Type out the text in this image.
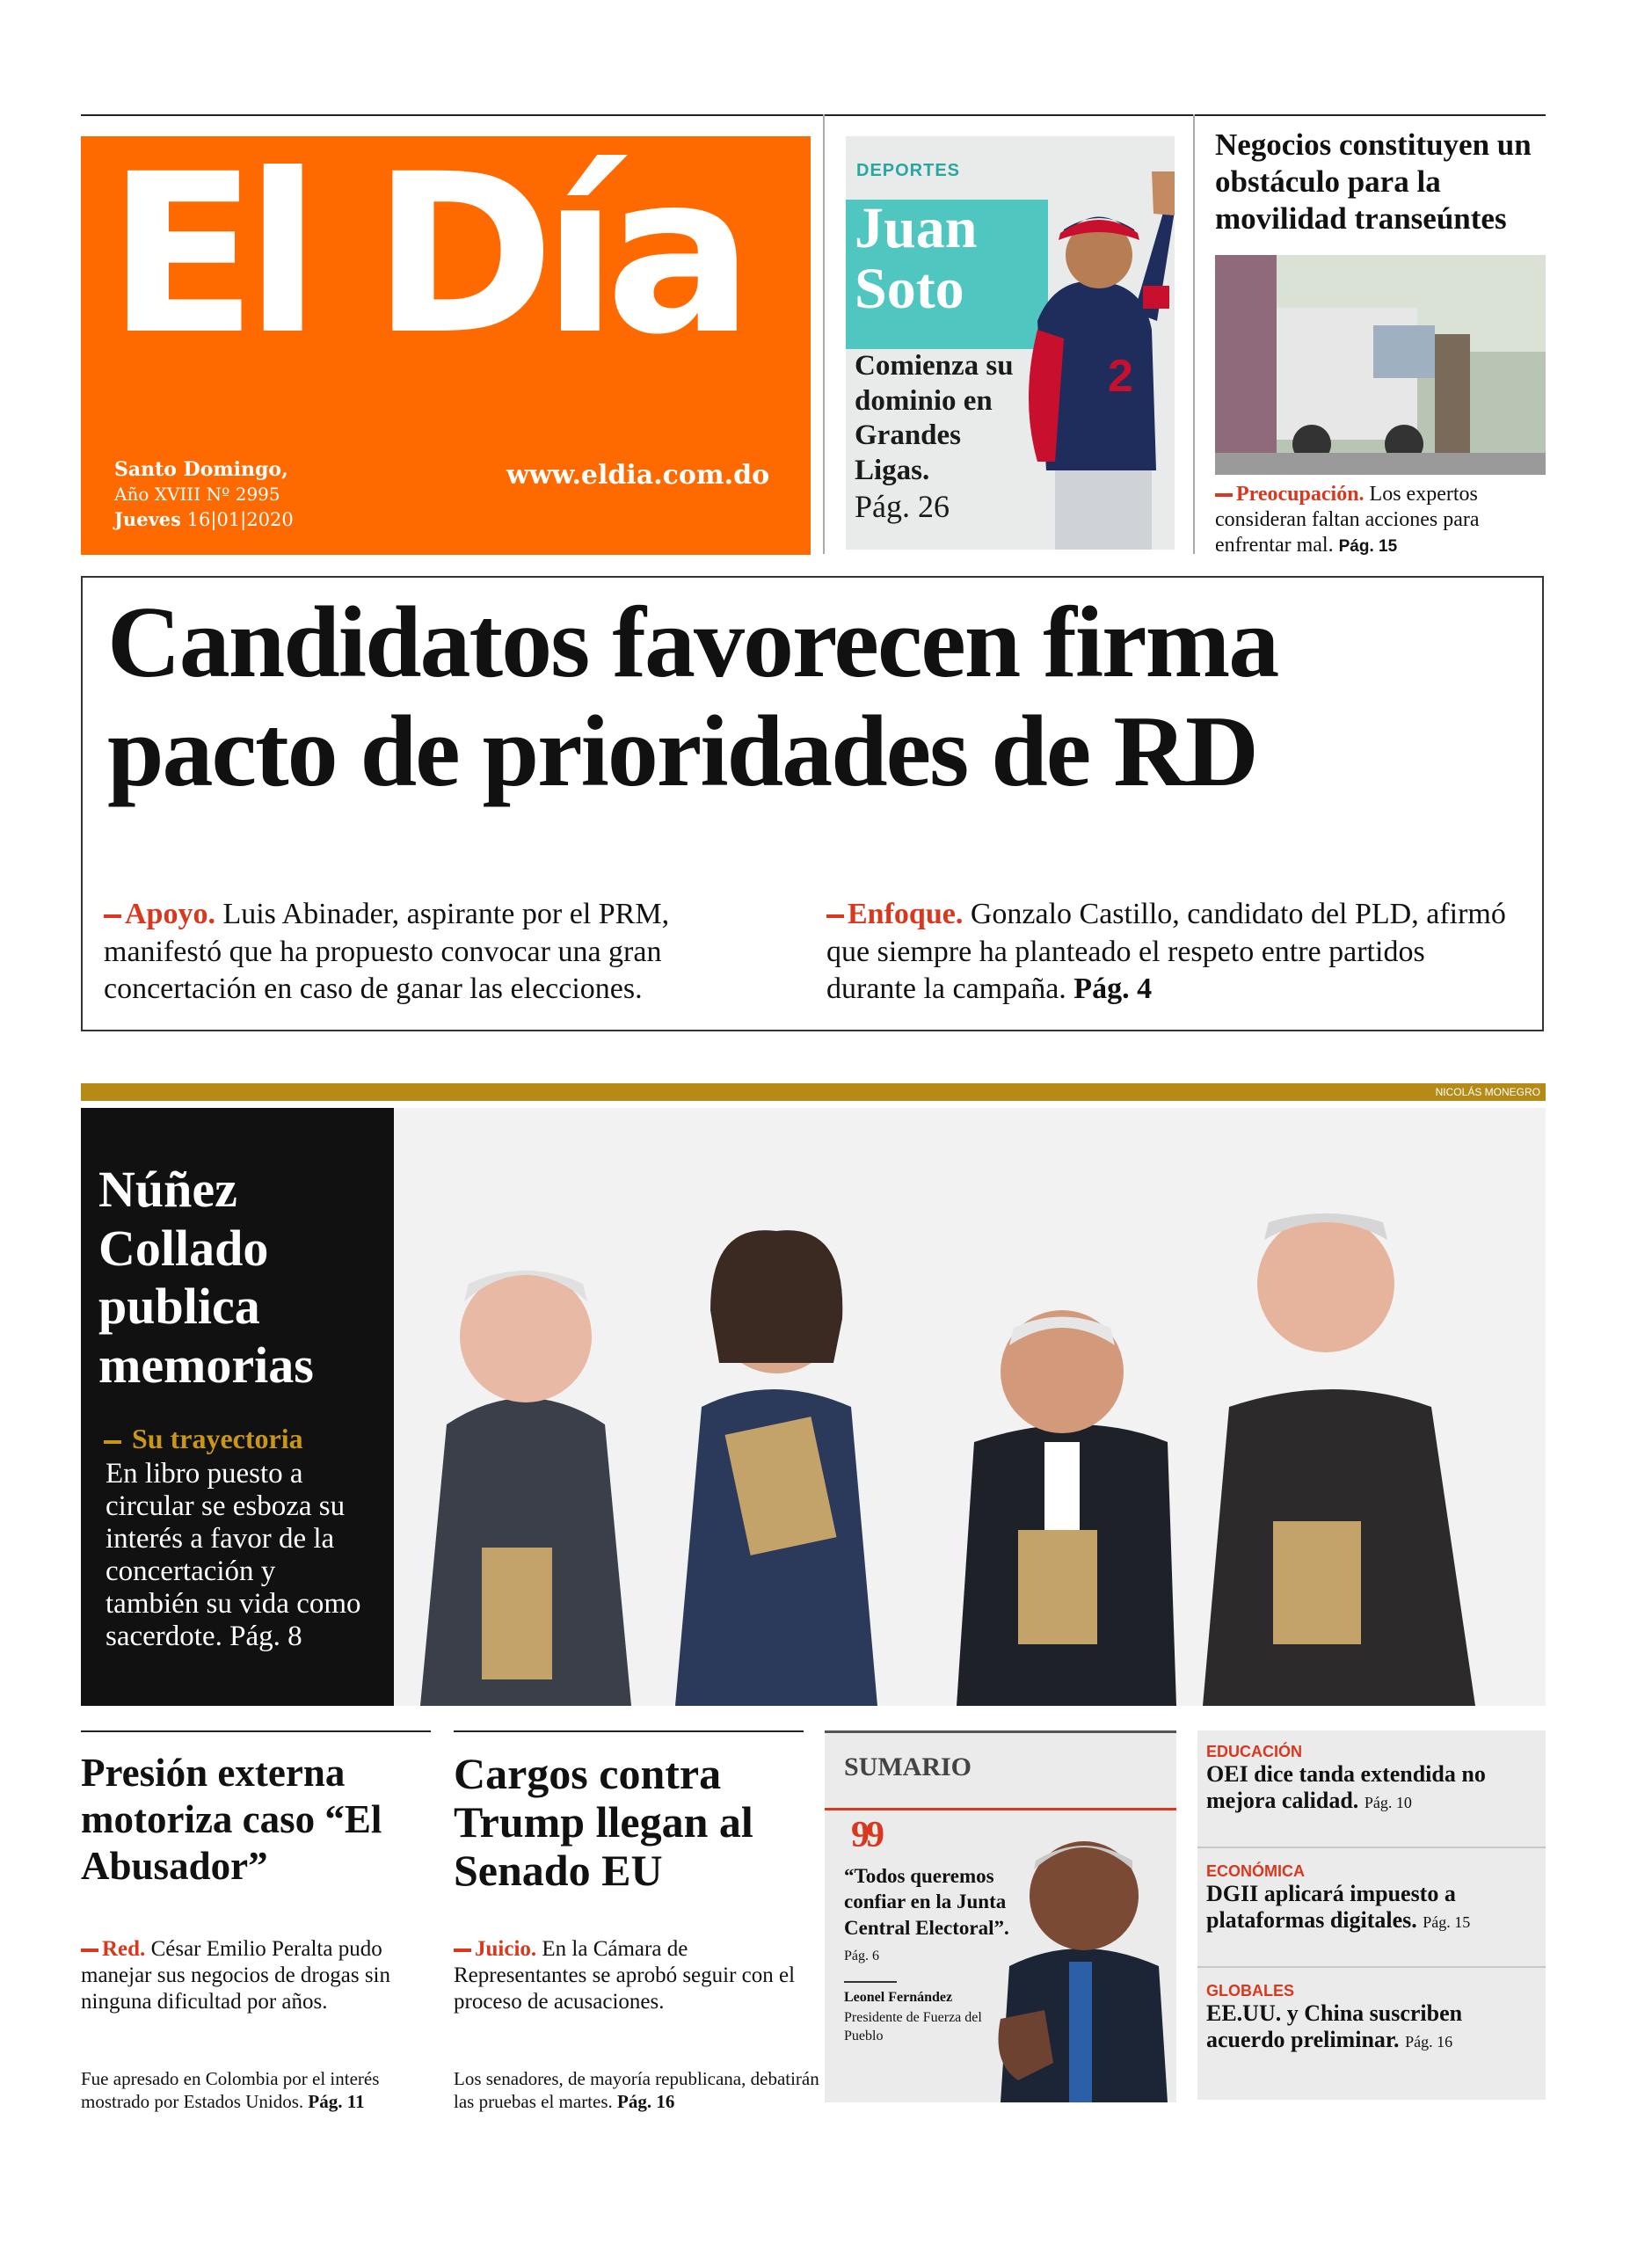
El Día
Santo Domingo,
Año XVIII Nº 2995
Jueves 16|01|2020
www.eldia.com.do
DEPORTES
Juan
Soto
2
Comienza su dominio en Grandes Ligas.
Pág. 26
Negocios constituyen un obstáculo para la movilidad transeúntes
Preocupación. Los expertos consideran faltan acciones para enfrentar mal. Pág. 15
Candidatos favorecen firma
pacto de prioridades de RD
Apoyo. Luis Abinader, aspirante por el PRM, manifestó que ha propuesto convocar una gran concertación en caso de ganar las elecciones.
Enfoque. Gonzalo Castillo, candidato del PLD, afirmó que siempre ha planteado el respeto entre partidos durante la campaña. Pág. 4
NICOLÁS MONEGRO
Núñez Collado publica memorias
Su trayectoria
En libro puesto a circular se esboza su interés a favor de la concertación y también su vida como sacerdote. Pág. 8
Presión externa motoriza caso “El Abusador”
Red. César Emilio Peralta pudo manejar sus negocios de drogas sin ninguna dificultad por años.
Fue apresado en Colombia por el interés mostrado por Estados Unidos. Pág. 11
Cargos contra Trump llegan al Senado EU
Juicio. En la Cámara de Representantes se aprobó seguir con el proceso de acusaciones.
Los senadores, de mayoría republicana, debatirán las pruebas el martes. Pág. 16
SUMARIO
99
“Todos queremos confiar en la Junta Central Electoral”. Pág. 6
Leonel Fernández
Presidente de Fuerza del Pueblo
EDUCACIÓN
OEI dice tanda extendida no mejora calidad. Pág. 10
ECONÓMICA
DGII aplicará impuesto a plataformas digitales. Pág. 15
GLOBALES
EE.UU. y China suscriben acuerdo preliminar. Pág. 16
